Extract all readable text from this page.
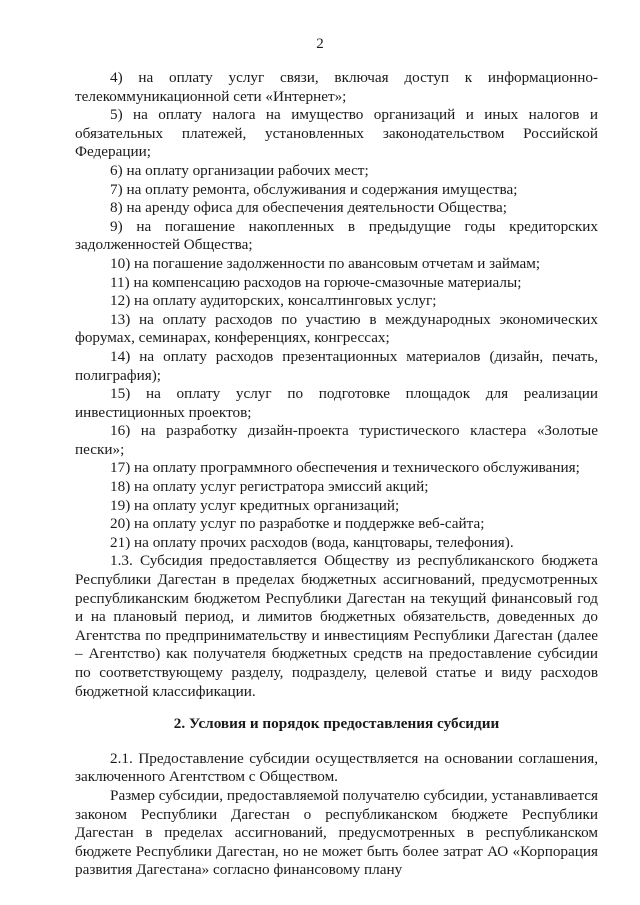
2

4) на оплату услуг связи, включая доступ к информационно-телекоммуникационной сети «Интернет»;

5) на оплату налога на имущество организаций и иных налогов и обязательных платежей, установленных законодательством Российской Федерации;

6) на оплату организации рабочих мест;

7) на оплату ремонта, обслуживания и содержания имущества;

8) на аренду офиса для обеспечения деятельности Общества;

9) на погашение накопленных в предыдущие годы кредиторских задолженностей Общества;

10) на погашение задолженности по авансовым отчетам и займам;

11) на компенсацию расходов на горюче-смазочные материалы;

12) на оплату аудиторских, консалтинговых услуг;

13) на оплату расходов по участию в международных экономических форумах, семинарах, конференциях, конгрессах;

14) на оплату расходов презентационных материалов (дизайн, печать, полиграфия);

15) на оплату услуг по подготовке площадок для реализации инвестиционных проектов;

16) на разработку дизайн-проекта туристического кластера «Золотые пески»;

17) на оплату программного обеспечения и технического обслуживания;

18) на оплату услуг регистратора эмиссий акций;

19) на оплату услуг кредитных организаций;

20) на оплату услуг по разработке и поддержке веб-сайта;

21) на оплату прочих расходов (вода, канцтовары, телефония).

1.3. Субсидия предоставляется Обществу из республиканского бюджета Республики Дагестан в пределах бюджетных ассигнований, предусмотренных республиканским бюджетом Республики Дагестан на текущий финансовый год и на плановый период, и лимитов бюджетных обязательств, доведенных до Агентства по предпринимательству и инвестициям Республики Дагестан (далее – Агентство) как получателя бюджетных средств на предоставление субсидии по соответствующему разделу, подразделу, целевой статье и виду расходов бюджетной классификации.

2. Условия и порядок предоставления субсидии

2.1. Предоставление субсидии осуществляется на основании соглашения, заключенного Агентством с Обществом.

Размер субсидии, предоставляемой получателю субсидии, устанавливается законом Республики Дагестан о республиканском бюджете Республики Дагестан в пределах ассигнований, предусмотренных в республиканском бюджете Республики Дагестан, но не может быть более затрат АО «Корпорация развития Дагестана» согласно финансовому плану
